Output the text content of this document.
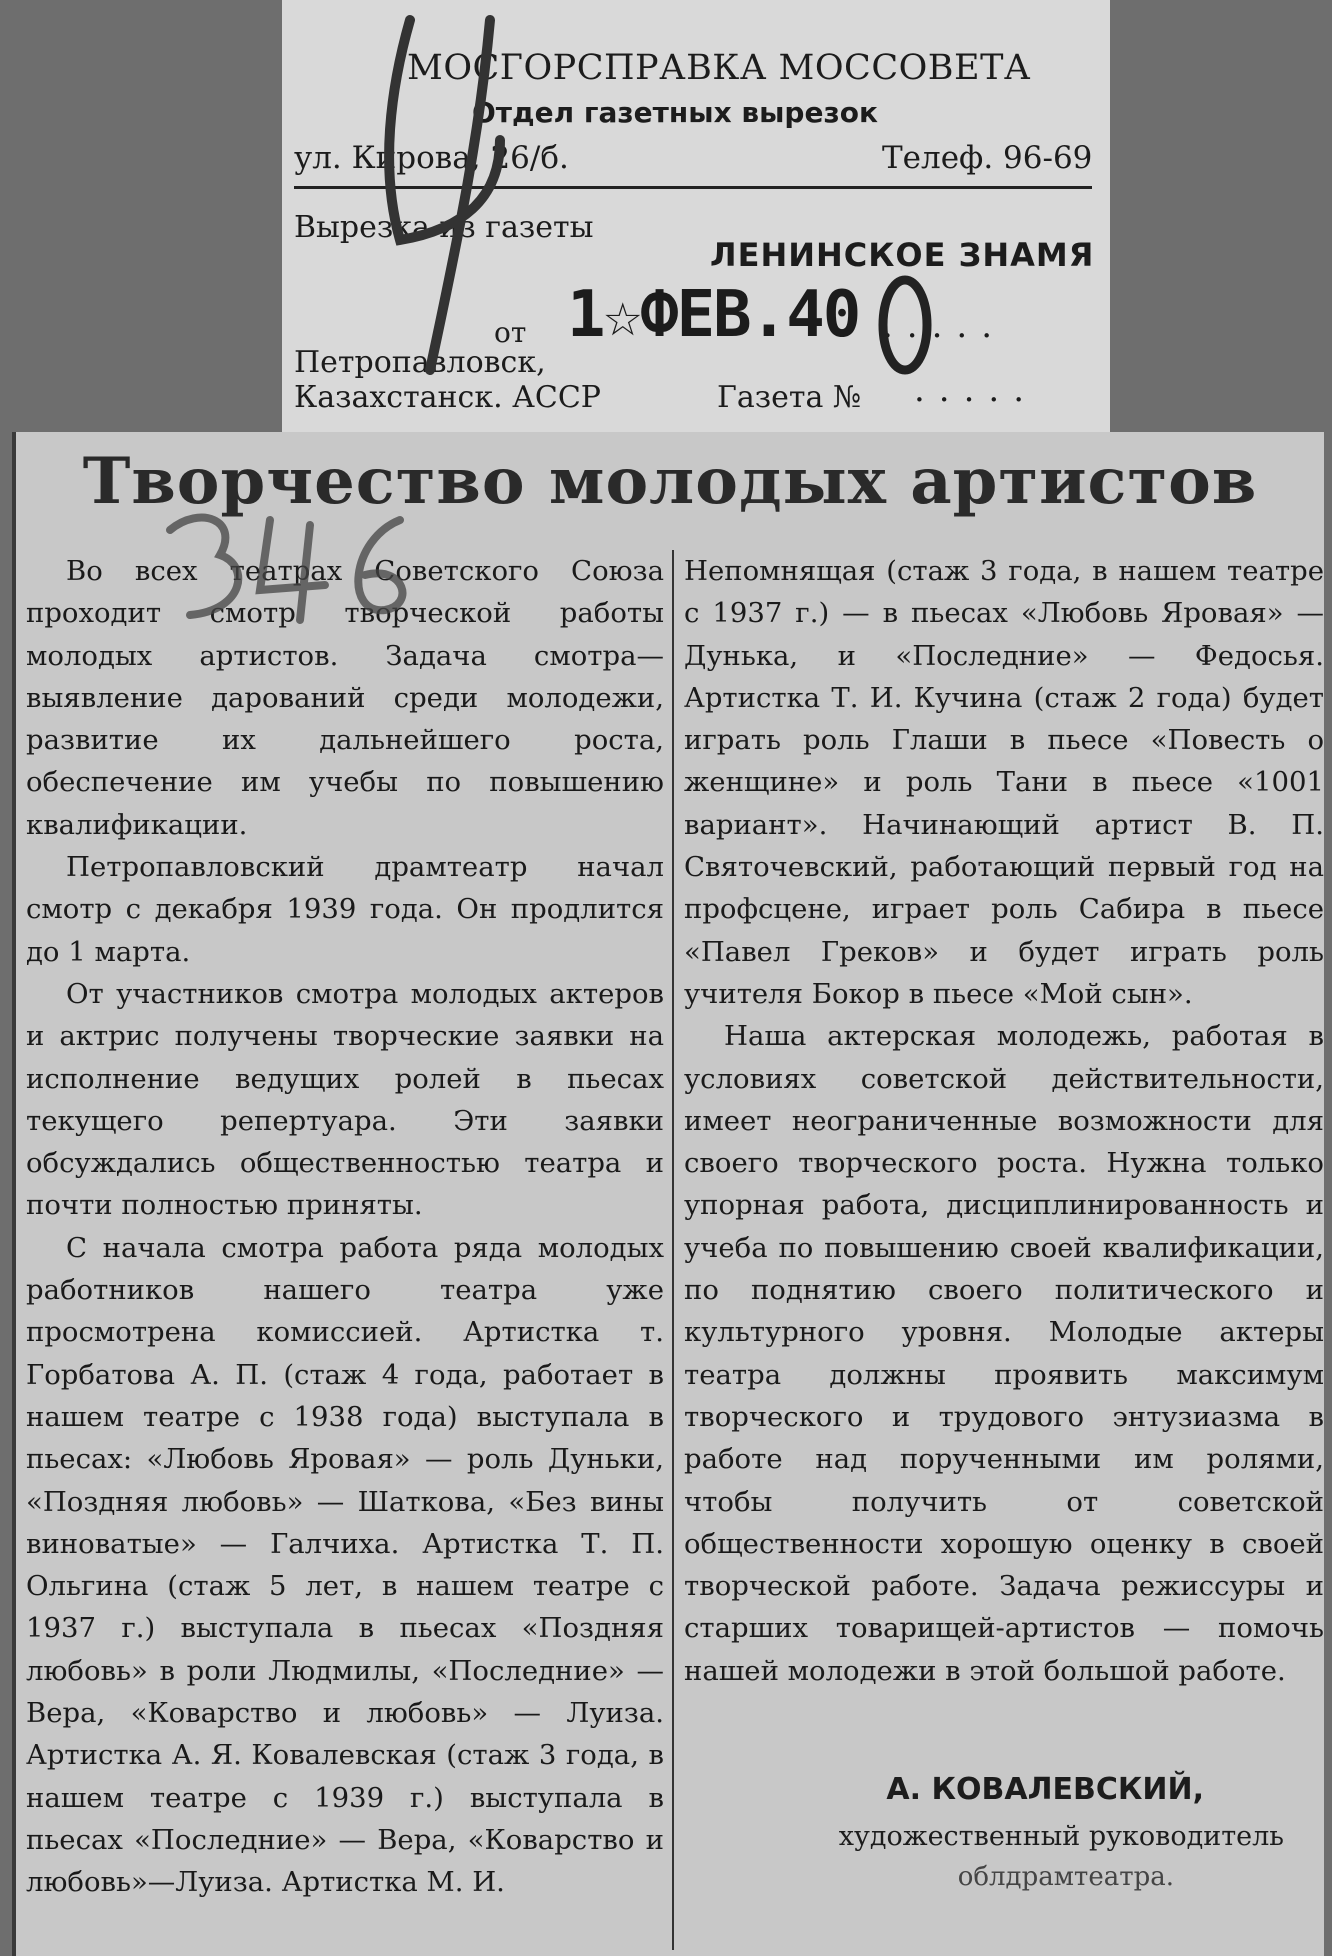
МОСГОРСПРАВКА МОССОВЕТА
Отдел газетных вырезок
ул. Кирова, 26/б.	Телеф. 96-69
Вырезка из газеты
ЛЕНИНСКОЕ ЗНАМЯ
от 1☆ФЕВ.40 .....
Петропавловск,
Казахстанск. АССР	Газета № .....
Творчество молодых артистов

Во всех театрах Советского Союза проходит смотр творческой работы молодых артистов. Задача смотра—выявление дарований среди молодежи, развитие их дальнейшего роста, обеспечение им учебы по повышению квалификации.

Петропавловский драмтеатр начал смотр с декабря 1939 года. Он продлится до 1 марта.

От участников смотра молодых актеров и актрис получены творческие заявки на исполнение ведущих ролей в пьесах текущего репертуара. Эти заявки обсуждались общественностью театра и почти полностью приняты.

С начала смотра работа ряда молодых работников нашего театра уже просмотрена комиссией. Артистка т. Горбатова А. П. (стаж 4 года, работает в нашем театре с 1938 года) выступала в пьесах: «Любовь Яровая» — роль Дуньки, «Поздняя любовь» — Шаткова, «Без вины виноватые» — Галчиха. Артистка Т. П. Ольгина (стаж 5 лет, в нашем театре с 1937 г.) выступала в пьесах «Поздняя любовь» в роли Людмилы, «Последние» — Вера, «Коварство и любовь» — Луиза. Артистка А. Я. Ковалевская (стаж 3 года, в нашем театре с 1939 г.) выступала в пьесах «Последние» — Вера, «Коварство и любовь»—Луиза. Артистка М. И.

Непомнящая (стаж 3 года, в нашем театре с 1937 г.) — в пьесах «Любовь Яровая» — Дунька, и «Последние» — Федосья. Артистка Т. И. Кучина (стаж 2 года) будет играть роль Глаши в пьесе «Повесть о женщине» и роль Тани в пьесе «1001 вариант». Начинающий артист В. П. Святочевский, работающий первый год на профсцене, играет роль Сабира в пьесе «Павел Греков» и будет играть роль учителя Бокор в пьесе «Мой сын».

Наша актерская молодежь, работая в условиях советской действительности, имеет неограниченные возможности для своего творческого роста. Нужна только упорная работа, дисциплинированность и учеба по повышению своей квалификации, по поднятию своего политического и культурного уровня. Молодые актеры театра должны проявить максимум творческого и трудового энтузиазма в работе над порученными им ролями, чтобы получить от советской общественности хорошую оценку в своей творческой работе. Задача режиссуры и старших товарищей-артистов — помочь нашей молодежи в этой большой работе.

А. КОВАЛЕВСКИЙ,
художественный руководитель
облдрамтеатра.
